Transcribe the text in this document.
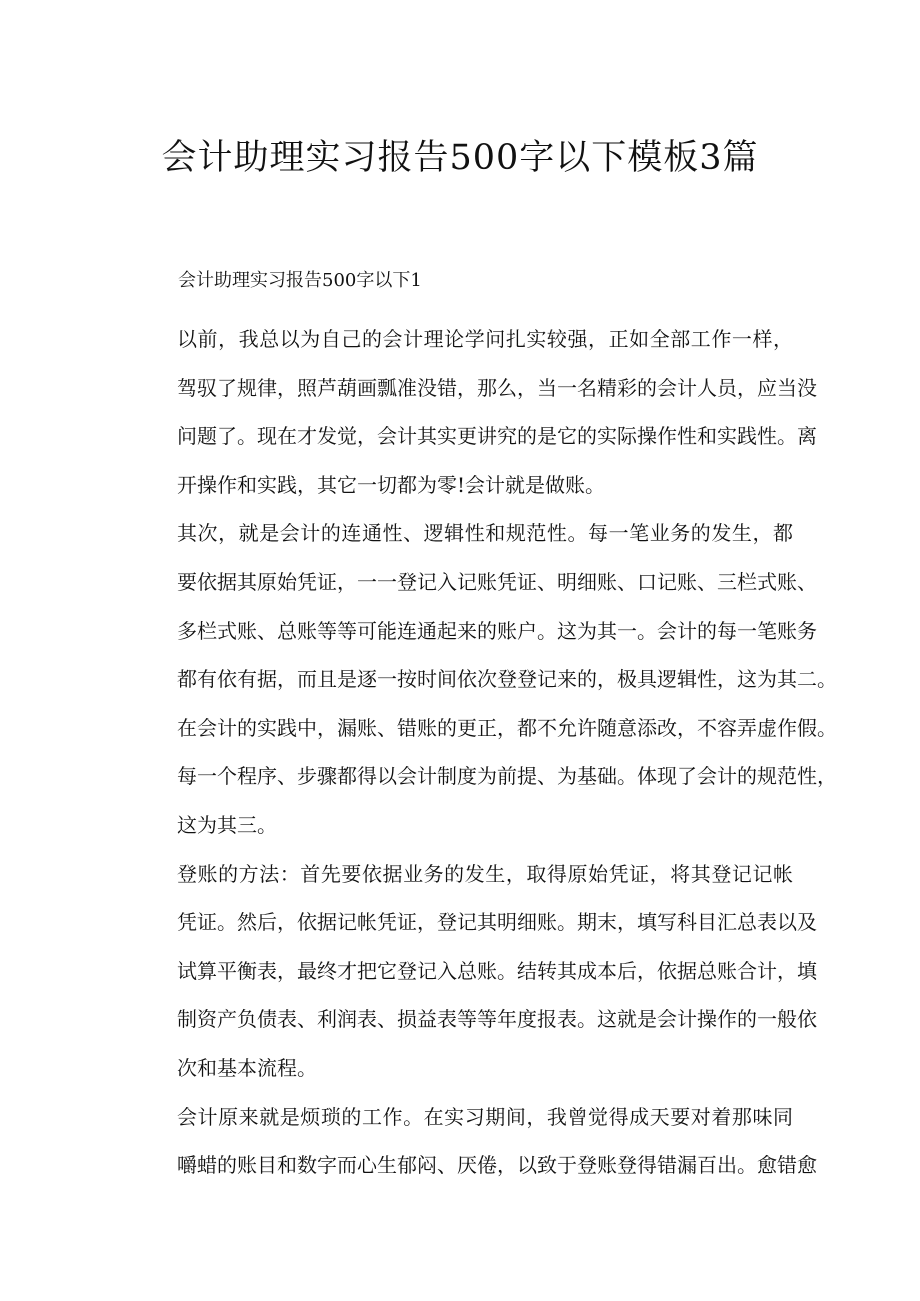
会计助理实习报告500字以下模板3篇

会计助理实习报告500字以下1

以前，我总以为自己的会计理论学问扎实较强，正如全部工作一样，
驾驭了规律，照芦葫画瓢准没错，那么，当一名精彩的会计人员，应当没
问题了。现在才发觉，会计其实更讲究的是它的实际操作性和实践性。离
开操作和实践，其它一切都为零!会计就是做账。

其次，就是会计的连通性、逻辑性和规范性。每一笔业务的发生，都
要依据其原始凭证，一一登记入记账凭证、明细账、口记账、三栏式账、
多栏式账、总账等等可能连通起来的账户。这为其一。会计的每一笔账务
都有依有据，而且是逐一按时间依次登登记来的，极具逻辑性，这为其二。
在会计的实践中，漏账、错账的更正，都不允许随意添改，不容弄虚作假。
每一个程序、步骤都得以会计制度为前提、为基础。体现了会计的规范性，
这为其三。

登账的方法：首先要依据业务的发生，取得原始凭证，将其登记记帐
凭证。然后，依据记帐凭证，登记其明细账。期末，填写科目汇总表以及
试算平衡表，最终才把它登记入总账。结转其成本后，依据总账合计，填
制资产负债表、利润表、损益表等等年度报表。这就是会计操作的一般依
次和基本流程。

会计原来就是烦琐的工作。在实习期间，我曾觉得成天要对着那味同
嚼蜡的账目和数字而心生郁闷、厌倦，以致于登账登得错漏百出。愈错愈
